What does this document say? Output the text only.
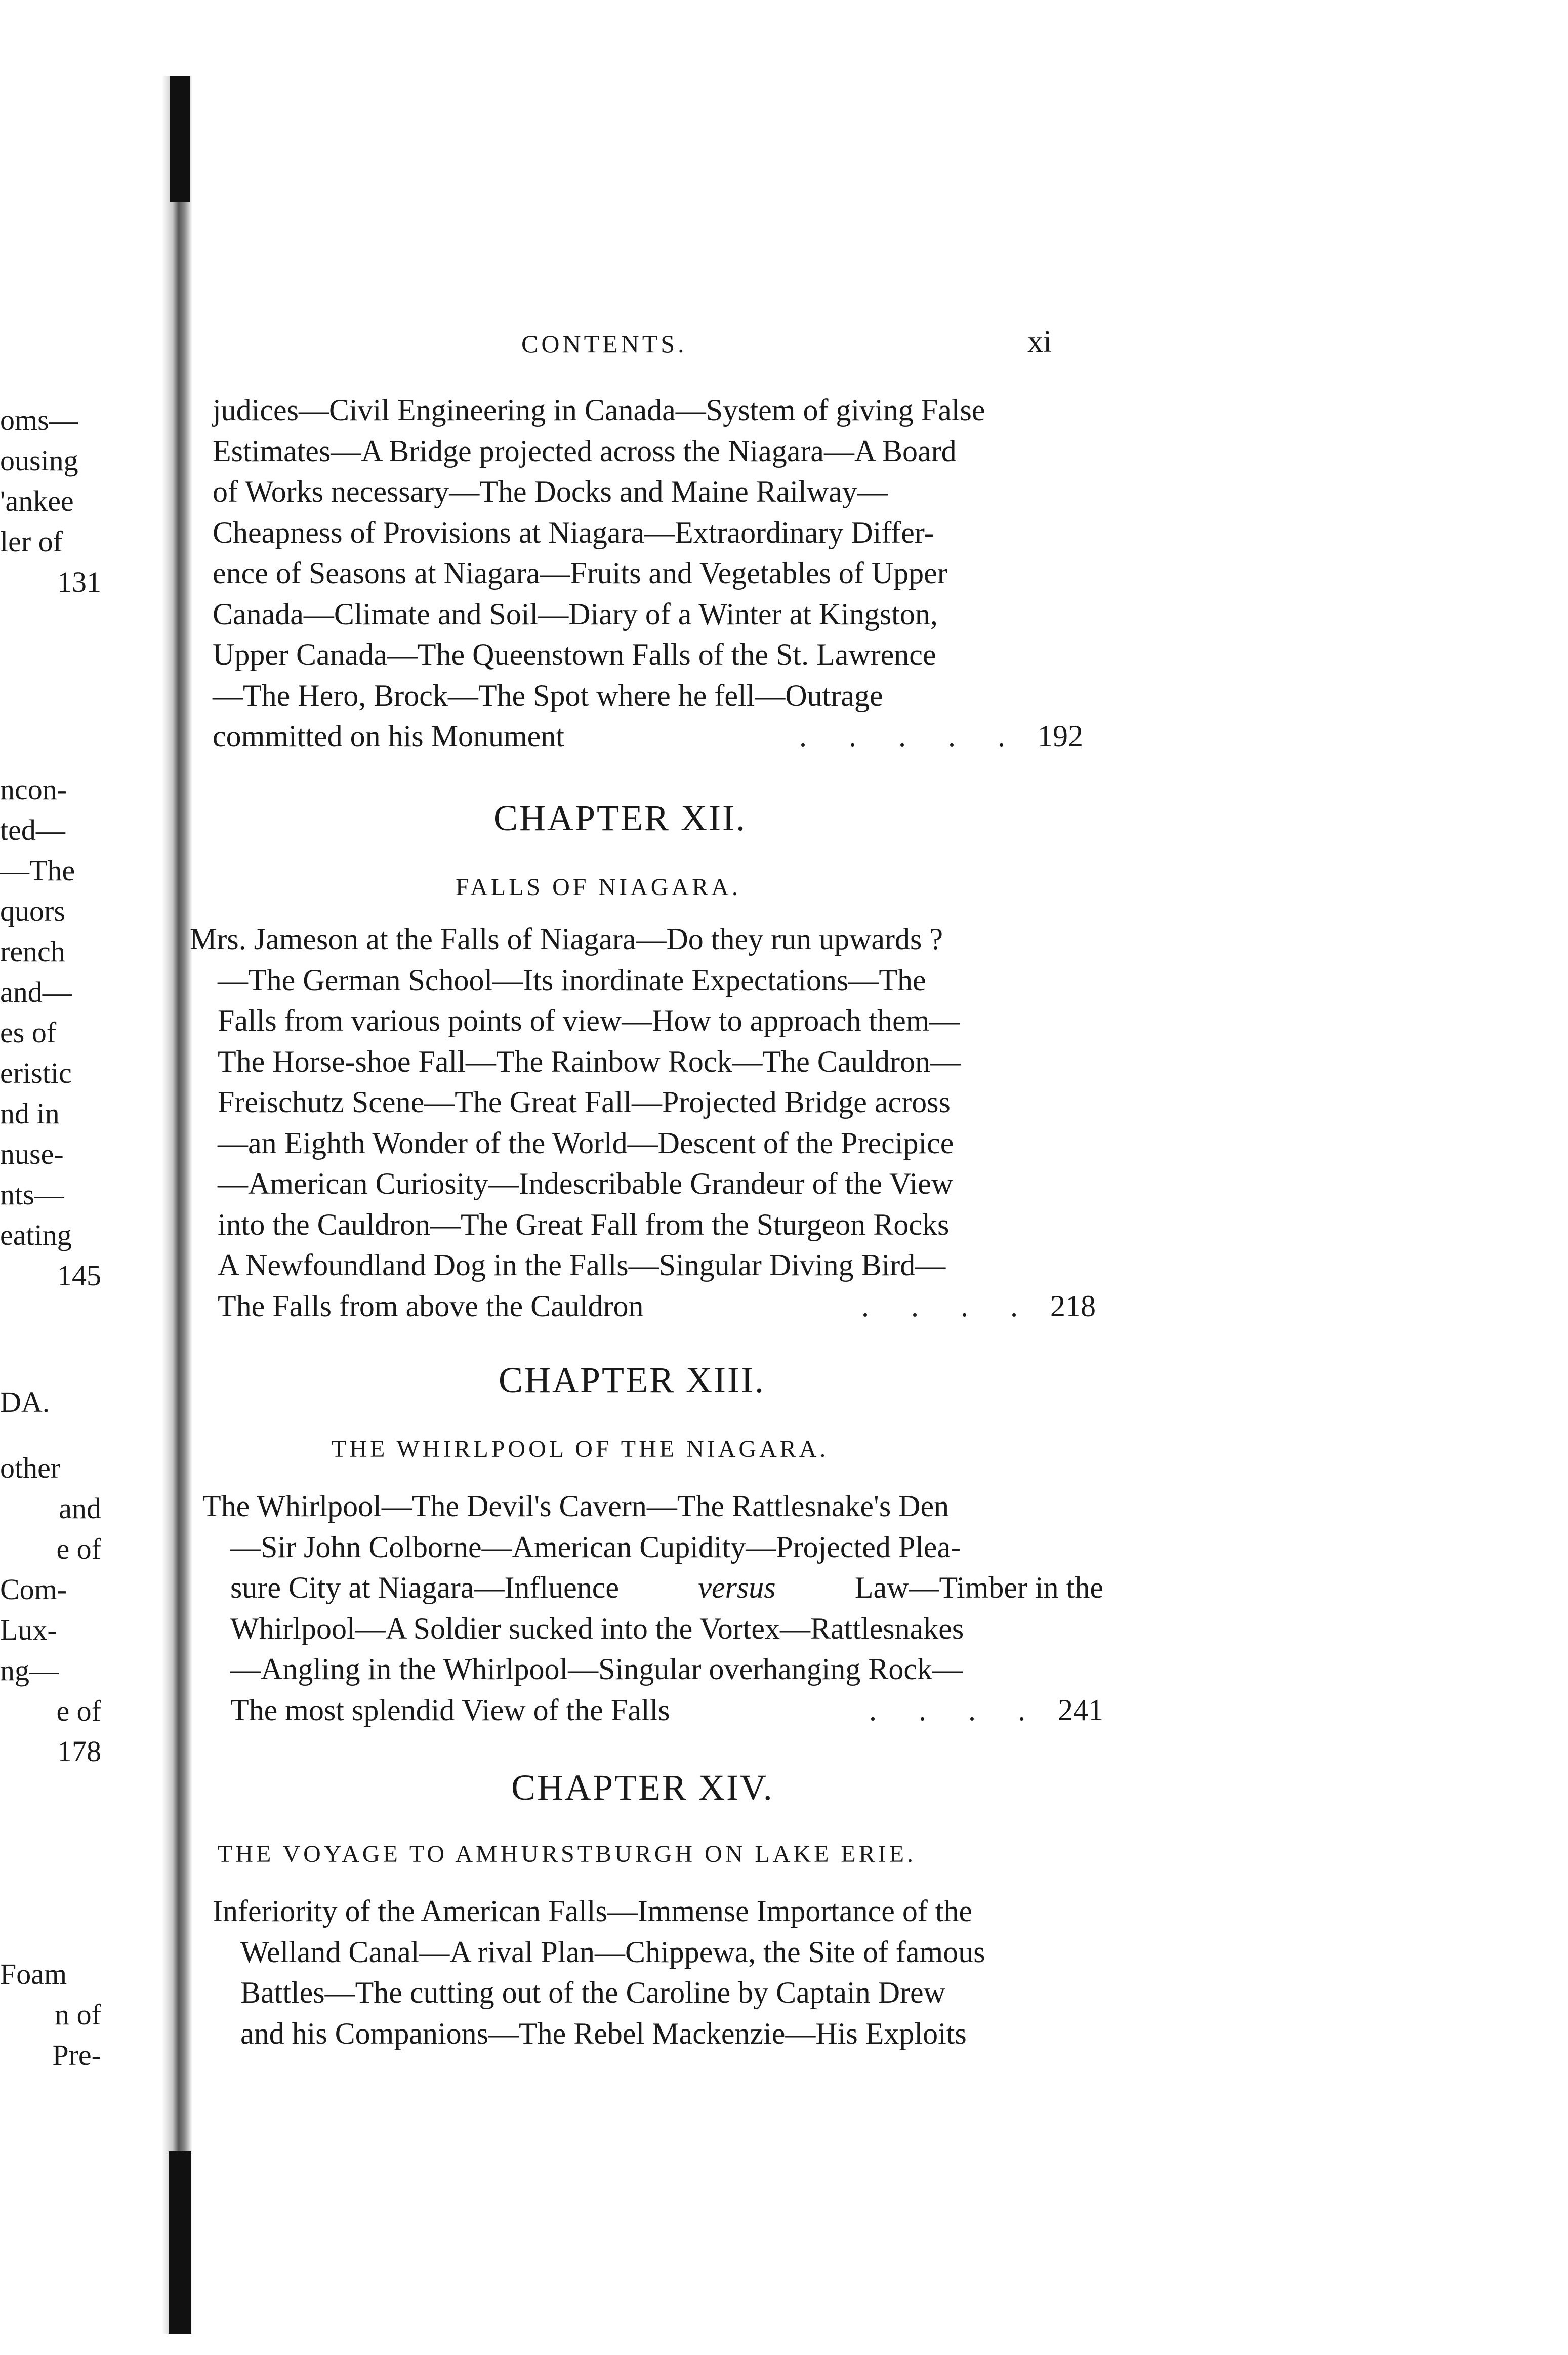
oms—
ousing
'ankee
ler of
131
ncon-
ted—
—The
quors
rench
and—
es of
eristic
nd in
nuse-
nts—
eating
145
DA.
other
and
e of
Com-
Lux-
ng—
e of
178
Foam
n of
Pre-
CONTENTS.	xi
judices—Civil Engineering in Canada—System of giving False
Estimates—A Bridge projected across the Niagara—A Board
of Works necessary—The Docks and Maine Railway—
Cheapness of Provisions at Niagara—Extraordinary Differ-
ence of Seasons at Niagara—Fruits and Vegetables of Upper
Canada—Climate and Soil—Diary of a Winter at Kingston,
Upper Canada—The Queenstown Falls of the St. Lawrence
—The Hero, Brock—The Spot where he fell—Outrage
committed on his Monument	. . . . . 192
CHAPTER XII.
FALLS OF NIAGARA.
Mrs. Jameson at the Falls of Niagara—Do they run upwards ?
—The German School—Its inordinate Expectations—The
Falls from various points of view—How to approach them—
The Horse-shoe Fall—The Rainbow Rock—The Cauldron—
Freischutz Scene—The Great Fall—Projected Bridge across
—an Eighth Wonder of the World—Descent of the Precipice
—American Curiosity—Indescribable Grandeur of the View
into the Cauldron—The Great Fall from the Sturgeon Rocks
A Newfoundland Dog in the Falls—Singular Diving Bird—
The Falls from above the Cauldron	. . . . 218
CHAPTER XIII.
THE WHIRLPOOL OF THE NIAGARA.
The Whirlpool—The Devil's Cavern—The Rattlesnake's Den
—Sir John Colborne—American Cupidity—Projected Plea-
sure City at Niagara—Influence	versus	Law—Timber in the
Whirlpool—A Soldier sucked into the Vortex—Rattlesnakes
—Angling in the Whirlpool—Singular overhanging Rock—
The most splendid View of the Falls	. . . . 241
CHAPTER XIV.
THE VOYAGE TO AMHURSTBURGH ON LAKE ERIE.
Inferiority of the American Falls—Immense Importance of the
Welland Canal—A rival Plan—Chippewa, the Site of famous
Battles—The cutting out of the Caroline by Captain Drew
and his Companions—The Rebel Mackenzie—His Exploits
